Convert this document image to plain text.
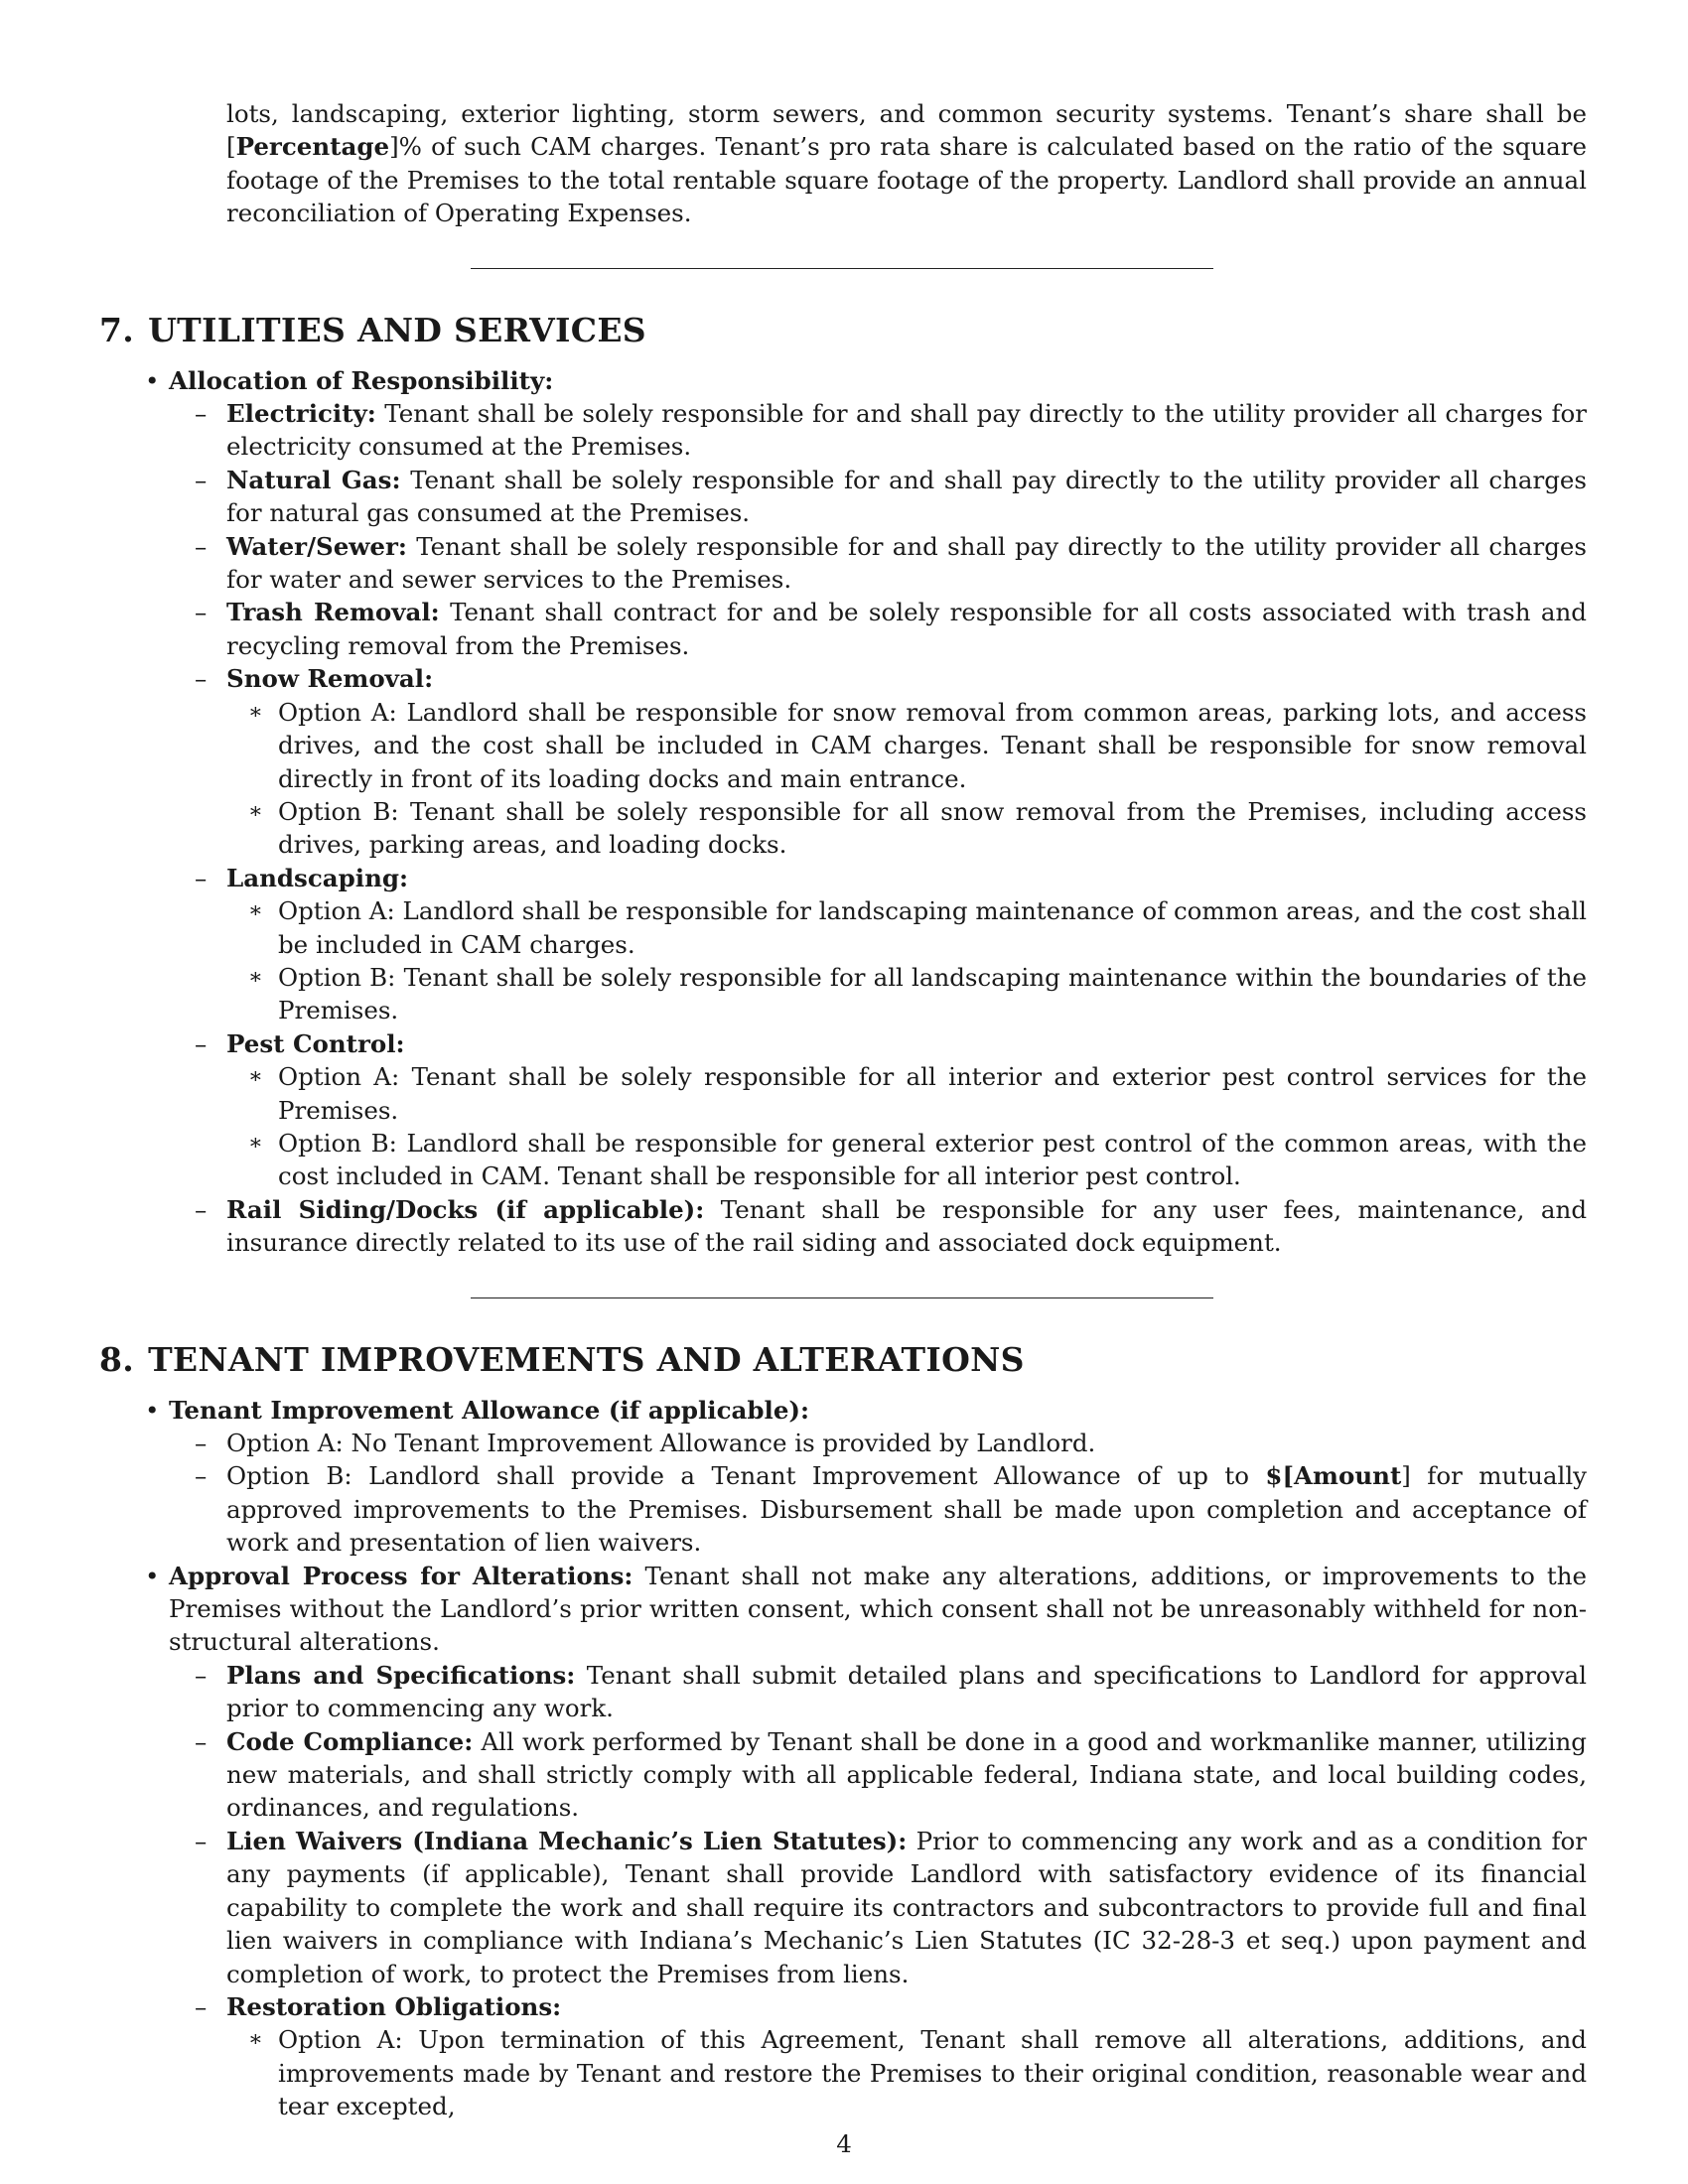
lots, landscaping, exterior lighting, storm sewers, and common security systems. Tenant’s share shall be [Percentage]% of such CAM charges. Tenant’s pro rata share is calculated based on the ratio of the square footage of the Premises to the total rentable square footage of the property. Landlord shall provide an annual reconciliation of Operating Expenses.

7. UTILITIES AND SERVICES
• Allocation of Responsibility:
– Electricity: Tenant shall be solely responsible for and shall pay directly to the utility provider all charges for electricity consumed at the Premises.
– Natural Gas: Tenant shall be solely responsible for and shall pay directly to the utility provider all charges for natural gas consumed at the Premises.
– Water/Sewer: Tenant shall be solely responsible for and shall pay directly to the utility provider all charges for water and sewer services to the Premises.
– Trash Removal: Tenant shall contract for and be solely responsible for all costs associated with trash and recycling removal from the Premises.
– Snow Removal:
∗ Option A: Landlord shall be responsible for snow removal from common areas, parking lots, and access drives, and the cost shall be included in CAM charges. Tenant shall be responsible for snow removal directly in front of its loading docks and main entrance.
∗ Option B: Tenant shall be solely responsible for all snow removal from the Premises, including access drives, parking areas, and loading docks.
– Landscaping:
∗ Option A: Landlord shall be responsible for landscaping maintenance of common areas, and the cost shall be included in CAM charges.
∗ Option B: Tenant shall be solely responsible for all landscaping maintenance within the boundaries of the Premises.
– Pest Control:
∗ Option A: Tenant shall be solely responsible for all interior and exterior pest control services for the Premises.
∗ Option B: Landlord shall be responsible for general exterior pest control of the common areas, with the cost included in CAM. Tenant shall be responsible for all interior pest control.
– Rail Siding/Docks (if applicable): Tenant shall be responsible for any user fees, maintenance, and insurance directly related to its use of the rail siding and associated dock equipment.
8. TENANT IMPROVEMENTS AND ALTERATIONS
• Tenant Improvement Allowance (if applicable):
– Option A: No Tenant Improvement Allowance is provided by Landlord.
– Option B: Landlord shall provide a Tenant Improvement Allowance of up to $[Amount] for mutually approved improvements to the Premises. Disbursement shall be made upon completion and acceptance of work and presentation of lien waivers.
• Approval Process for Alterations: Tenant shall not make any alterations, additions, or improvements to the Premises without the Landlord’s prior written consent, which consent shall not be unreasonably withheld for non-structural alterations.
– Plans and Specifications: Tenant shall submit detailed plans and specifications to Landlord for approval prior to commencing any work.
– Code Compliance: All work performed by Tenant shall be done in a good and workmanlike manner, utilizing new materials, and shall strictly comply with all applicable federal, Indiana state, and local building codes, ordinances, and regulations.
– Lien Waivers (Indiana Mechanic’s Lien Statutes): Prior to commencing any work and as a condition for any payments (if applicable), Tenant shall provide Landlord with satisfactory evidence of its financial capability to complete the work and shall require its contractors and subcontractors to provide full and final lien waivers in compliance with Indiana’s Mechanic’s Lien Statutes (IC 32-28-3 et seq.) upon payment and completion of work, to protect the Premises from liens.
– Restoration Obligations:
∗ Option A: Upon termination of this Agreement, Tenant shall remove all alterations, additions, and improvements made by Tenant and restore the Premises to their original condition, reasonable wear and tear excepted,
4
